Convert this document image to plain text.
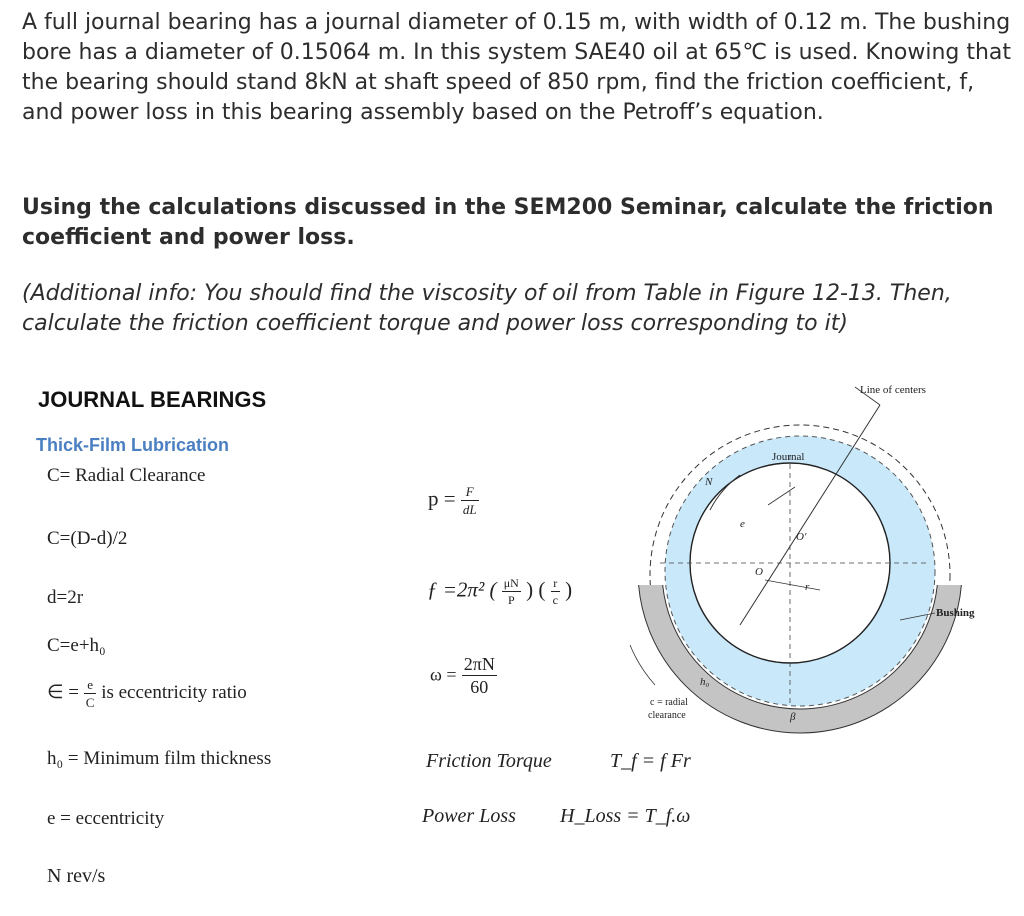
A full journal bearing has a journal diameter of 0.15 m, with width of 0.12 m. The bushing bore has a diameter of 0.15064 m. In this system SAE40 oil at 65℃ is used. Knowing that the bearing should stand 8kN at shaft speed of 850 rpm, find the friction coefficient, f, and power loss in this bearing assembly based on the Petroff’s equation.

Using the calculations discussed in the SEM200 Seminar, calculate the friction coefficient and power loss.

(Additional info: You should find the viscosity of oil from Table in Figure 12-13. Then, calculate the friction coefficient torque and power loss corresponding to it)

JOURNAL BEARINGS
Thick-Film Lubrication
C= Radial Clearance
C=(D-d)/2
d=2r
C=e+h₀
∈ = $\frac{e}{C}$ is eccentricity ratio
h₀ = Minimum film thickness
e = eccentricity
N rev/s
$p = \frac{F}{dL}$
ƒ =2π² ( $\frac{\mu N}{P}$ ) ( $\frac{r}{c}$ )
$\omega = \frac{2\pi N}{60}$
Friction Torque	T_f = f Fr
Power Loss H_Loss = T_f.ω
Line of centers
Journal
Bushing
N
e
O
O′
r
h₀
c = radial
clearance	β
